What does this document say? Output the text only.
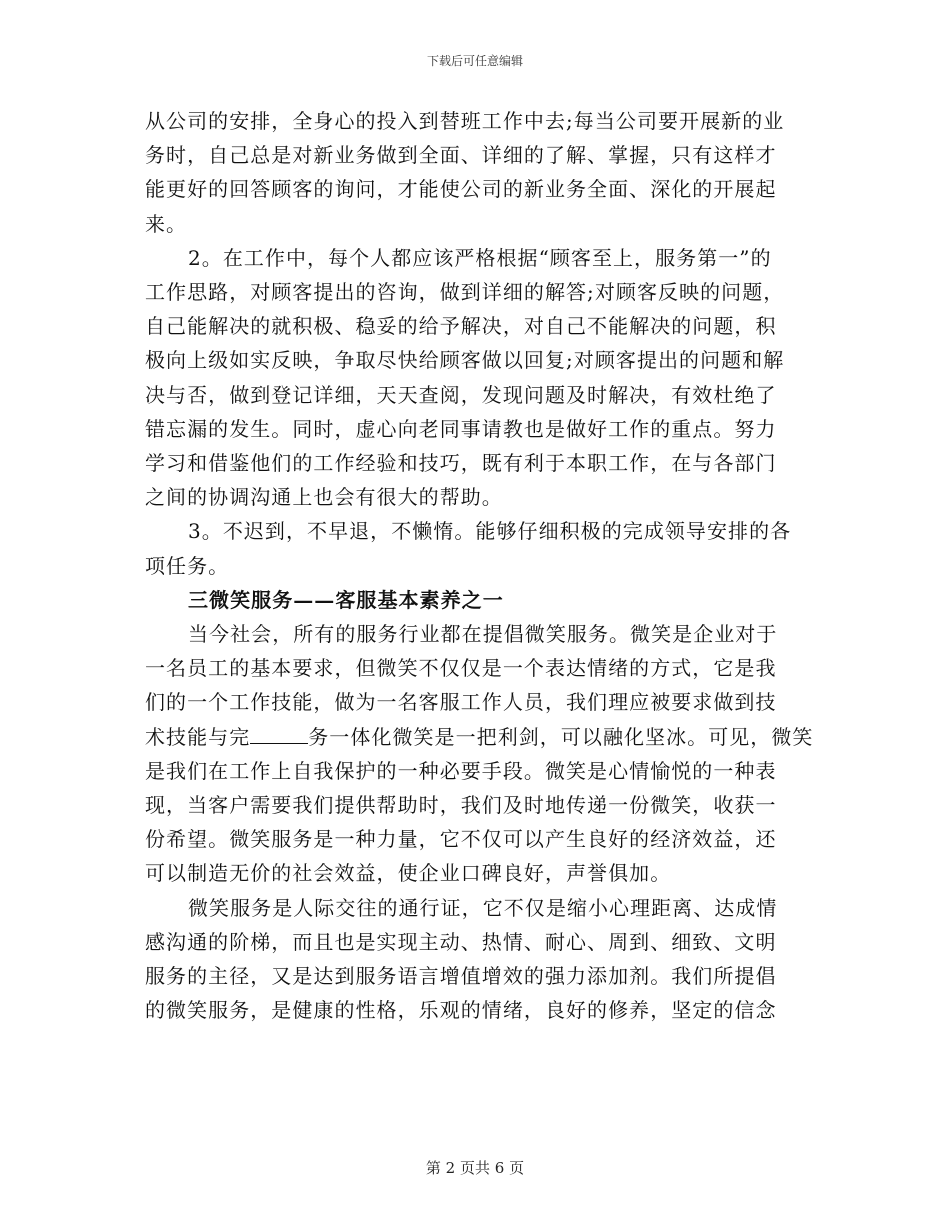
下载后可任意编辑

从公司的安排，全身心的投入到替班工作中去;每当公司要开展新的业
务时，自己总是对新业务做到全面、详细的了解、掌握，只有这样才
能更好的回答顾客的询问，才能使公司的新业务全面、深化的开展起
来。

2。在工作中，每个人都应该严格根据“顾客至上，服务第一”的
工作思路，对顾客提出的咨询，做到详细的解答;对顾客反映的问题，
自己能解决的就积极、稳妥的给予解决，对自己不能解决的问题，积
极向上级如实反映，争取尽快给顾客做以回复;对顾客提出的问题和解
决与否，做到登记详细，天天查阅，发现问题及时解决，有效杜绝了
错忘漏的发生。同时，虚心向老同事请教也是做好工作的重点。努力
学习和借鉴他们的工作经验和技巧，既有利于本职工作，在与各部门
之间的协调沟通上也会有很大的帮助。

3。不迟到，不早退，不懒惰。能够仔细积极的完成领导安排的各
项任务。

三微笑服务——客服基本素养之一

当今社会，所有的服务行业都在提倡微笑服务。微笑是企业对于
一名员工的基本要求，但微笑不仅仅是一个表达情绪的方式，它是我
们的一个工作技能，做为一名客服工作人员，我们理应被要求做到技
术技能与完	务一体化微笑是一把利剑，可以融化坚冰。可见，微笑
是我们在工作上自我保护的一种必要手段。微笑是心情愉悦的一种表
现，当客户需要我们提供帮助时，我们及时地传递一份微笑，收获一
份希望。微笑服务是一种力量，它不仅可以产生良好的经济效益，还
可以制造无价的社会效益，使企业口碑良好，声誉俱加。

微笑服务是人际交往的通行证，它不仅是缩小心理距离、达成情
感沟通的阶梯，而且也是实现主动、热情、耐心、周到、细致、文明
服务的主径，又是达到服务语言增值增效的强力添加剂。我们所提倡
的微笑服务，是健康的性格，乐观的情绪，良好的修养，坚定的信念

第 2 页共 6 页
